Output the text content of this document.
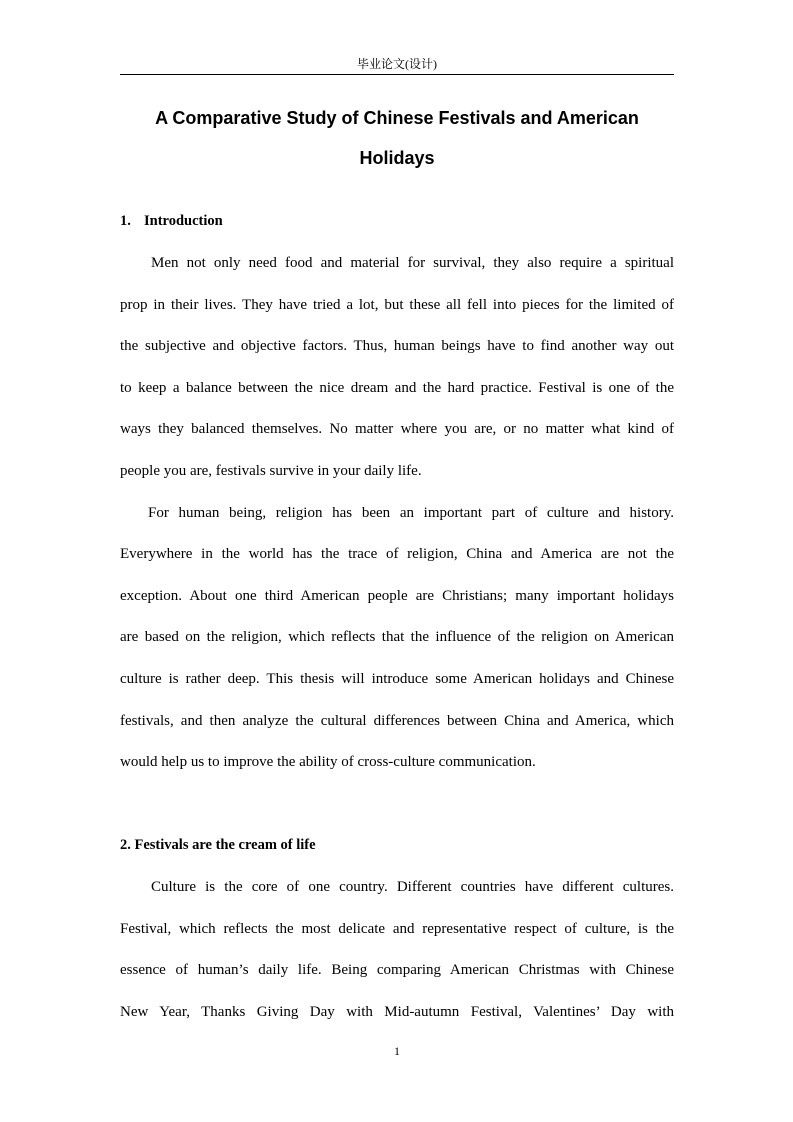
毕业论文(设计)
A Comparative Study of Chinese Festivals and American
Holidays
1. Introduction
Men not only need food and material for survival, they also require a spiritual
prop in their lives. They have tried a lot, but these all fell into pieces for the limited of
the subjective and objective factors. Thus, human beings have to find another way out
to keep a balance between the nice dream and the hard practice. Festival is one of the
ways they balanced themselves. No matter where you are, or no matter what kind of
people you are, festivals survive in your daily life.
For human being, religion has been an important part of culture and history.
Everywhere in the world has the trace of religion, China and America are not the
exception. About one third American people are Christians; many important holidays
are based on the religion, which reflects that the influence of the religion on American
culture is rather deep. This thesis will introduce some American holidays and Chinese
festivals, and then analyze the cultural differences between China and America, which
would help us to improve the ability of cross-culture communication.
2. Festivals are the cream of life
Culture is the core of one country. Different countries have different cultures.
Festival, which reflects the most delicate and representative respect of culture, is the
essence of human’s daily life. Being comparing American Christmas with Chinese
New Year, Thanks Giving Day with Mid-autumn Festival, Valentines’ Day with
1
